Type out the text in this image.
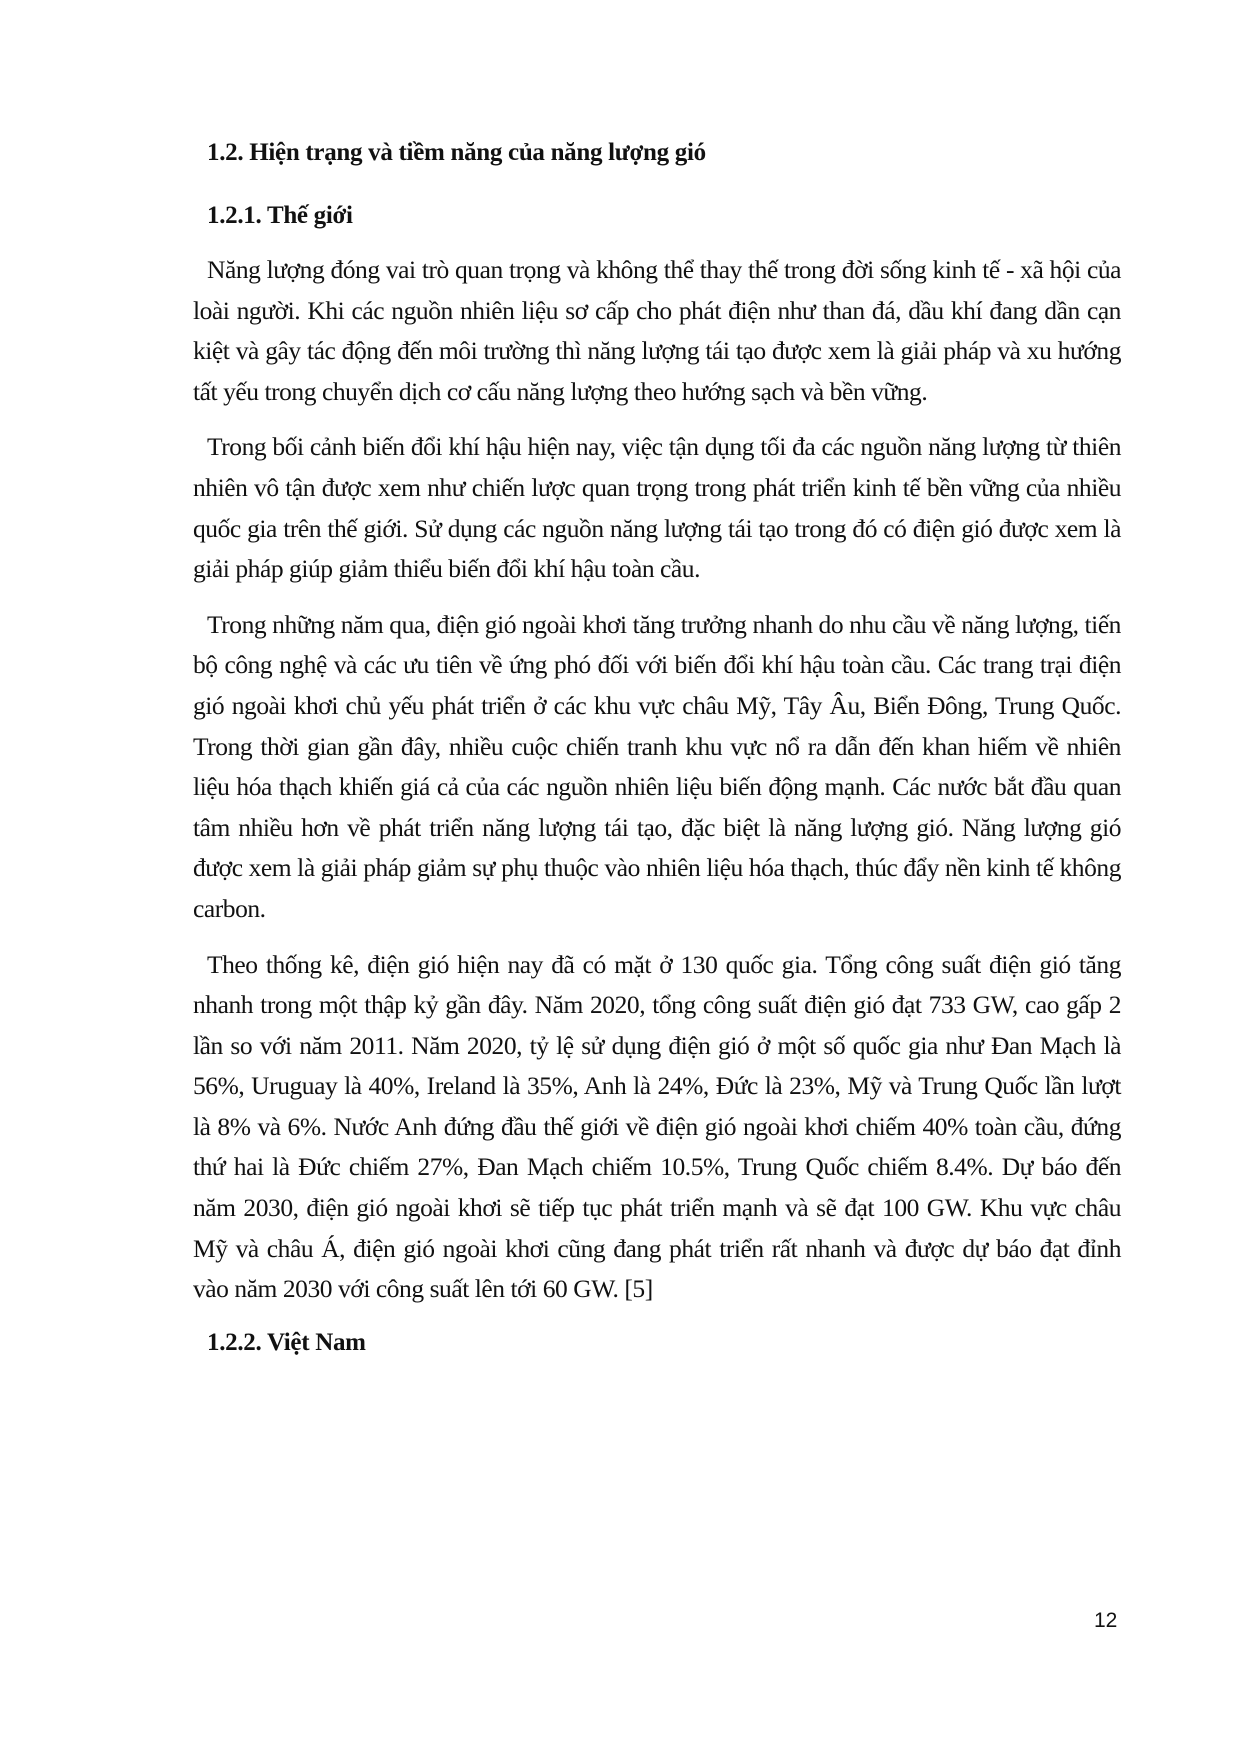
1.2. Hiện trạng và tiềm năng của năng lượng gió
1.2.1. Thế giới

Năng lượng đóng vai trò quan trọng và không thể thay thế trong đời sống kinh tế - xã hội của loài người. Khi các nguồn nhiên liệu sơ cấp cho phát điện như than đá, dầu khí đang dần cạn kiệt và gây tác động đến môi trường thì năng lượng tái tạo được xem là giải pháp và xu hướng tất yếu trong chuyển dịch cơ cấu năng lượng theo hướng sạch và bền vững.

Trong bối cảnh biến đổi khí hậu hiện nay, việc tận dụng tối đa các nguồn năng lượng từ thiên nhiên vô tận được xem như chiến lược quan trọng trong phát triển kinh tế bền vững của nhiều quốc gia trên thế giới. Sử dụng các nguồn năng lượng tái tạo trong đó có điện gió được xem là giải pháp giúp giảm thiểu biến đổi khí hậu toàn cầu.

Trong những năm qua, điện gió ngoài khơi tăng trưởng nhanh do nhu cầu về năng lượng, tiến bộ công nghệ và các ưu tiên về ứng phó đối với biến đổi khí hậu toàn cầu. Các trang trại điện gió ngoài khơi chủ yếu phát triển ở các khu vực châu Mỹ, Tây Âu, Biển Đông, Trung Quốc. Trong thời gian gần đây, nhiều cuộc chiến tranh khu vực nổ ra dẫn đến khan hiếm về nhiên liệu hóa thạch khiến giá cả của các nguồn nhiên liệu biến động mạnh. Các nước bắt đầu quan tâm nhiều hơn về phát triển năng lượng tái tạo, đặc biệt là năng lượng gió. Năng lượng gió được xem là giải pháp giảm sự phụ thuộc vào nhiên liệu hóa thạch, thúc đẩy nền kinh tế không carbon.

Theo thống kê, điện gió hiện nay đã có mặt ở 130 quốc gia. Tổng công suất điện gió tăng nhanh trong một thập kỷ gần đây. Năm 2020, tổng công suất điện gió đạt 733 GW, cao gấp 2 lần so với năm 2011. Năm 2020, tỷ lệ sử dụng điện gió ở một số quốc gia như Đan Mạch là 56%, Uruguay là 40%, Ireland là 35%, Anh là 24%, Đức là 23%, Mỹ và Trung Quốc lần lượt là 8% và 6%. Nước Anh đứng đầu thế giới về điện gió ngoài khơi chiếm 40% toàn cầu, đứng thứ hai là Đức chiếm 27%, Đan Mạch chiếm 10.5%, Trung Quốc chiếm 8.4%. Dự báo đến năm 2030, điện gió ngoài khơi sẽ tiếp tục phát triển mạnh và sẽ đạt 100 GW. Khu vực châu Mỹ và châu Á, điện gió ngoài khơi cũng đang phát triển rất nhanh và được dự báo đạt đỉnh vào năm 2030 với công suất lên tới 60 GW. [5]

1.2.2. Việt Nam
12
